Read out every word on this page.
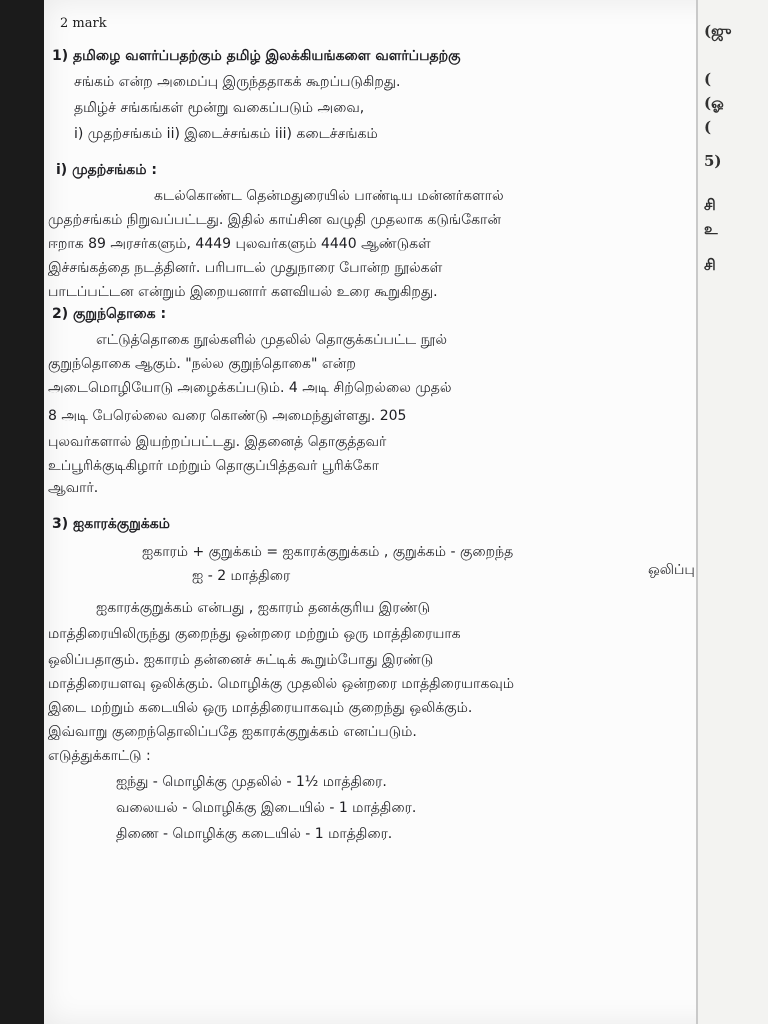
2 mark
1) தமிழை வளர்ப்பதற்கும் தமிழ் இலக்கியங்களை வளர்ப்பதற்கு
சங்கம் என்ற அமைப்பு இருந்ததாகக் கூறப்படுகிறது.
தமிழ்ச் சங்கங்கள் மூன்று வகைப்படும் அவை,
i) முதற்சங்கம் ii) இடைச்சங்கம் iii) கடைச்சங்கம்
i) முதற்சங்கம் :
கடல்கொண்ட தென்மதுரையில் பாண்டிய மன்னர்களால்
முதற்சங்கம் நிறுவப்பட்டது. இதில் காய்சின வழுதி முதலாக கடுங்கோன்
ஈறாக 89 அரசர்களும், 4449 புலவர்களும் 4440 ஆண்டுகள்
இச்சங்கத்தை நடத்தினர். பரிபாடல் முதுநாரை போன்ற நூல்கள்
பாடப்பட்டன என்றும் இறையனார் களவியல் உரை கூறுகிறது.
2) குறுந்தொகை :
எட்டுத்தொகை நூல்களில் முதலில் தொகுக்கப்பட்ட நூல்
குறுந்தொகை ஆகும். "நல்ல குறுந்தொகை" என்ற
அடைமொழியோடு அழைக்கப்படும். 4 அடி சிற்றெல்லை முதல்
8 அடி பேரெல்லை வரை கொண்டு அமைந்துள்ளது. 205
புலவர்களால் இயற்றப்பட்டது. இதனைத் தொகுத்தவர்
உப்பூரிக்குடிகிழார் மற்றும் தொகுப்பித்தவர் பூரிக்கோ
ஆவார்.
3) ஐகாரக்குறுக்கம்
ஐகாரம் + குறுக்கம் = ஐகாரக்குறுக்கம் , குறுக்கம் - குறைந்த
ஒலிப்பு
ஐ - 2 மாத்திரை
ஐகாரக்குறுக்கம் என்பது , ஐகாரம் தனக்குரிய இரண்டு
மாத்திரையிலிருந்து குறைந்து ஒன்றரை மற்றும் ஒரு மாத்திரையாக
ஒலிப்பதாகும். ஐகாரம் தன்னைச் சுட்டிக் கூறும்போது இரண்டு
மாத்திரையளவு ஒலிக்கும். மொழிக்கு முதலில் ஒன்றரை மாத்திரையாகவும்
இடை மற்றும் கடையில் ஒரு மாத்திரையாகவும் குறைந்து ஒலிக்கும்.
இவ்வாறு குறைந்தொலிப்பதே ஐகாரக்குறுக்கம் எனப்படும்.
எடுத்துக்காட்டு :
ஐந்து - மொழிக்கு முதலில் - 1½ மாத்திரை.
வலையல் - மொழிக்கு இடையில் - 1 மாத்திரை.
திணை - மொழிக்கு கடையில் - 1 மாத்திரை.
(ஜு
(
(ஓ
(
5)
சி
உ
சி
